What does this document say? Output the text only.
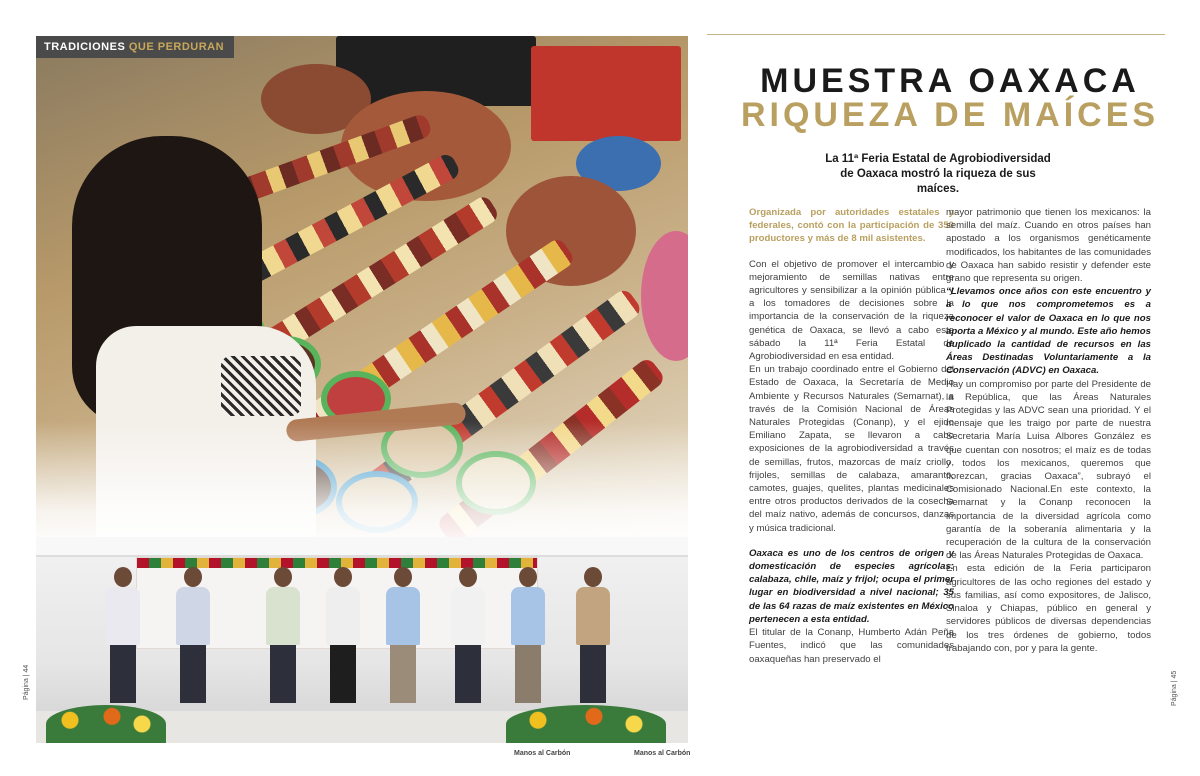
TRADICIONES QUE PERDURAN
Página | 44
Manos al Carbón	Manos al Carbón
MUESTRA OAXACA
RIQUEZA DE MAÍCES
La 11ª Feria Estatal de Agrobiodiversidad de Oaxaca mostró la riqueza de sus maíces.

Organizada por autoridades estatales y federales, contó con la participación de 350 productores y más de 8 mil asistentes.

Con el objetivo de promover el intercambio y mejoramiento de semillas nativas entre agricultores y sensibilizar a la opinión pública y a los tomadores de decisiones sobre la importancia de la conservación de la riqueza genética de Oaxaca, se llevó a cabo este sábado la 11ª Feria Estatal de Agrobiodiversidad en esa entidad.

En un trabajo coordinado entre el Gobierno del Estado de Oaxaca, la Secretaría de Medio Ambiente y Recursos Naturales (Semarnat), a través de la Comisión Nacional de Áreas Naturales Protegidas (Conanp), y el ejido Emiliano Zapata, se llevaron a cabo exposiciones de la agrobiodiversidad a través de semillas, frutos, mazorcas de maíz criollo, frijoles, semillas de calabaza, amaranto, camotes, guajes, quelites, plantas medicinales entre otros productos derivados de la cosecha del maíz nativo, además de concursos, danzas y música tradicional.

Oaxaca es uno de los centros de origen y domesticación de especies agrícolas: calabaza, chile, maíz y frijol; ocupa el primer lugar en biodiversidad a nivel nacional; 35 de las 64 razas de maíz existentes en México pertenecen a esta entidad.

El titular de la Conanp, Humberto Adán Peña Fuentes, indicó que las comunidades oaxaqueñas han preservado el

mayor patrimonio que tienen los mexicanos: la semilla del maíz. Cuando en otros países han apostado a los organismos genéticamente modificados, los habitantes de las comunidades de Oaxaca han sabido resistir y defender este grano que representa su origen.

“Llevamos once años con este encuentro y a lo que nos comprometemos es a reconocer el valor de Oaxaca en lo que nos aporta a México y al mundo. Este año hemos duplicado la cantidad de recursos en las Áreas Destinadas Voluntariamente a la Conservación (ADVC) en Oaxaca.

Hay un compromiso por parte del Presidente de la República, que las Áreas Naturales Protegidas y las ADVC sean una prioridad. Y el mensaje que les traigo por parte de nuestra Secretaria María Luisa Albores González es que cuentan con nosotros; el maíz es de todas y todos los mexicanos, queremos que florezcan, gracias Oaxaca”, subrayó el Comisionado Nacional.En este contexto, la Semarnat y la Conanp reconocen la importancia de la diversidad agrícola como garantía de la soberanía alimentaria y la recuperación de la cultura de la conservación de las Áreas Naturales Protegidas de Oaxaca.

En esta edición de la Feria participaron agricultores de las ocho regiones del estado y sus familias, así como expositores, de Jalisco, Sinaloa y Chiapas, público en general y servidores públicos de diversas dependencias de los tres órdenes de gobierno, todos trabajando con, por y para la gente.

Página | 45
